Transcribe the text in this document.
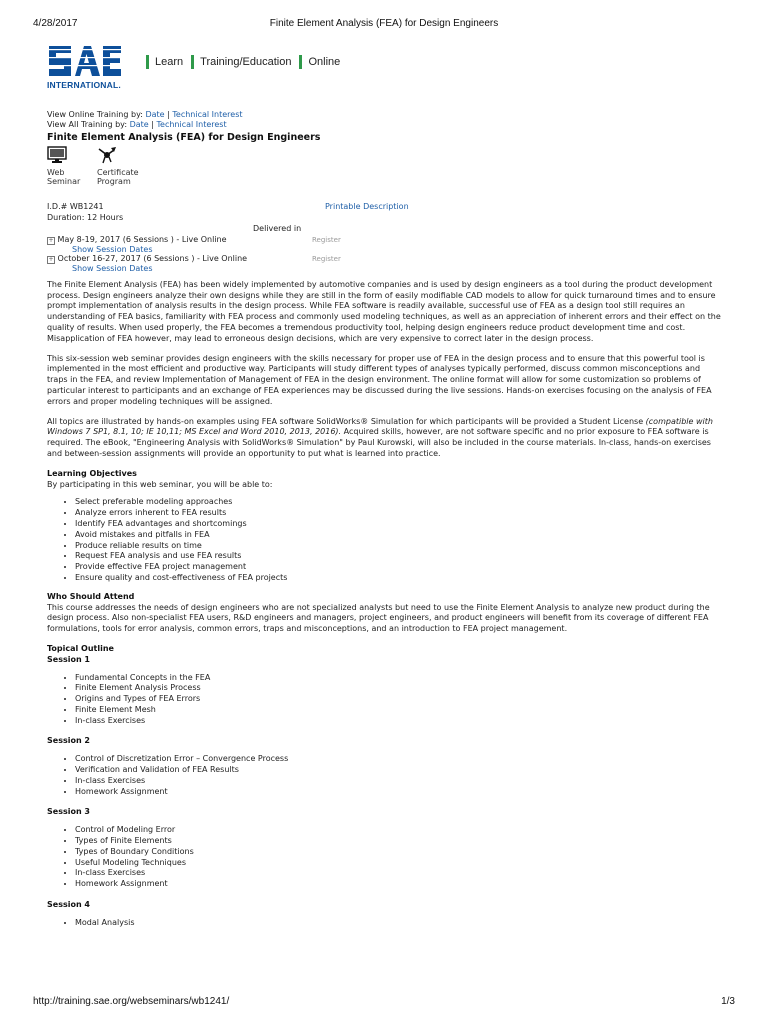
4/28/2017	Finite Element Analysis (FEA) for Design Engineers
INTERNATIONAL.
Learn Training/Education Online
View Online Training by: Date | Technical Interest
View All Training by: Date | Technical Interest
Finite Element Analysis (FEA) for Design Engineers
Web
Seminar
Certificate
Program
I.D.# WB1241	Printable Description
Duration: 12 Hours
Delivered in
+ May 8-19, 2017 (6 Sessions ) - Live Online
Show Session Dates
Register
+ October 16-27, 2017 (6 Sessions ) - Live Online
Show Session Dates
Register

The Finite Element Analysis (FEA) has been widely implemented by automotive companies and is used by design engineers as a tool during the product development process. Design engineers analyze their own designs while they are still in the form of easily modifiable CAD models to allow for quick turnaround times and to ensure prompt implementation of analysis results in the design process. While FEA software is readily available, successful use of FEA as a design tool still requires an understanding of FEA basics, familiarity with FEA process and commonly used modeling techniques, as well as an appreciation of inherent errors and their effect on the quality of results. When used properly, the FEA becomes a tremendous productivity tool, helping design engineers reduce product development time and cost. Misapplication of FEA however, may lead to erroneous design decisions, which are very expensive to correct later in the design process.

This six-session web seminar provides design engineers with the skills necessary for proper use of FEA in the design process and to ensure that this powerful tool is implemented in the most efficient and productive way. Participants will study different types of analyses typically performed, discuss common misconceptions and traps in the FEA, and review Implementation of Management of FEA in the design environment. The online format will allow for some customization so problems of particular interest to participants and an exchange of FEA experiences may be discussed during the live sessions. Hands-on exercises focusing on the analysis of FEA errors and proper modeling techniques will be assigned.

All topics are illustrated by hands-on examples using FEA software SolidWorks® Simulation for which participants will be provided a Student License (compatible with Windows 7 SP1, 8.1, 10; IE 10,11; MS Excel and Word 2010, 2013, 2016). Acquired skills, however, are not software specific and no prior exposure to FEA software is required. The eBook, "Engineering Analysis with SolidWorks® Simulation" by Paul Kurowski, will also be included in the course materials. In-class, hands-on exercises and between-session assignments will provide an opportunity to put what is learned into practice.

Learning Objectives
By participating in this web seminar, you will be able to:
• Select preferable modeling approaches
• Analyze errors inherent to FEA results
• Identify FEA advantages and shortcomings
• Avoid mistakes and pitfalls in FEA
• Produce reliable results on time
• Request FEA analysis and use FEA results
• Provide effective FEA project management
• Ensure quality and cost-effectiveness of FEA projects
Who Should Attend

This course addresses the needs of design engineers who are not specialized analysts but need to use the Finite Element Analysis to analyze new product during the design process. Also non-specialist FEA users, R&D engineers and managers, project engineers, and product engineers will benefit from its coverage of different FEA formulations, tools for error analysis, common errors, traps and misconceptions, and an introduction to FEA project management.

Topical Outline
Session 1
• Fundamental Concepts in the FEA
• Finite Element Analysis Process
• Origins and Types of FEA Errors
• Finite Element Mesh
• In-class Exercises
Session 2
• Control of Discretization Error – Convergence Process
• Verification and Validation of FEA Results
• In-class Exercises
• Homework Assignment
Session 3
• Control of Modeling Error
• Types of Finite Elements
• Types of Boundary Conditions
• Useful Modeling Techniques
• In-class Exercises
• Homework Assignment
Session 4
• Modal Analysis
http://training.sae.org/webseminars/wb1241/	1/3
